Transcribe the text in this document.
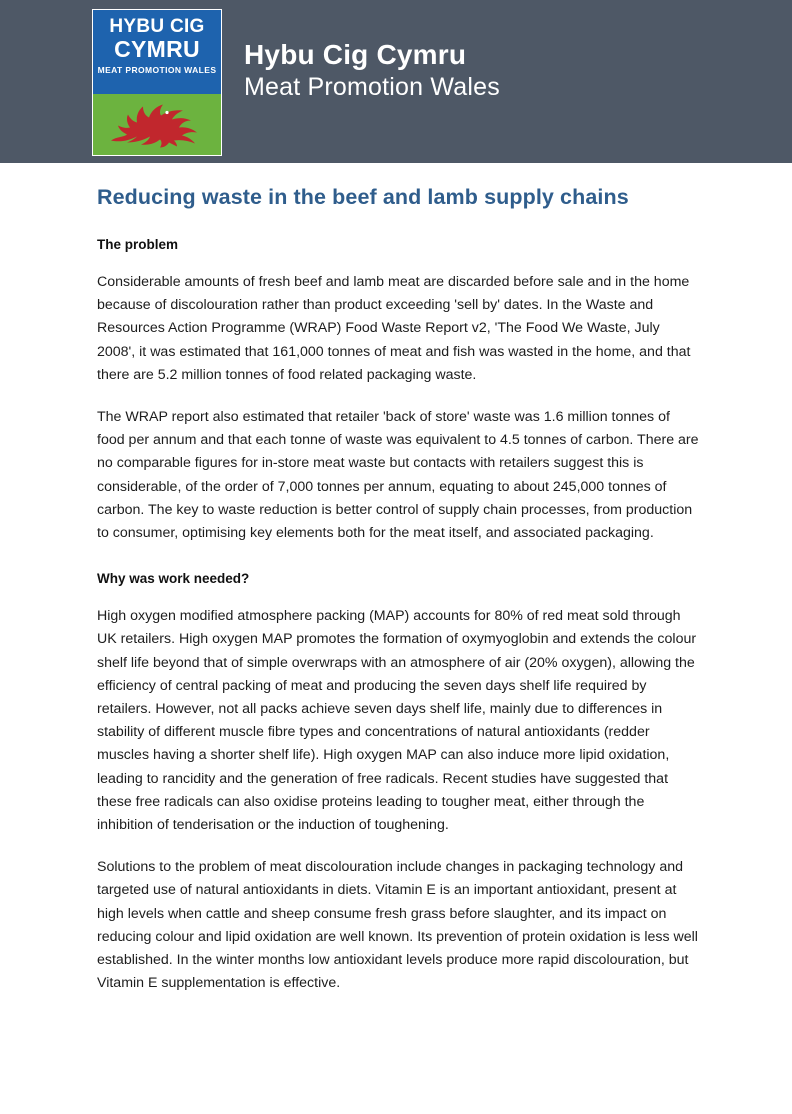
HYBU CIG
CYMRU
MEAT PROMOTION WALES Hybu Cig Cymru
Meat Promotion Wales
Reducing waste in the beef and lamb supply chains
The problem

Considerable amounts of fresh beef and lamb meat are discarded before sale and in the home because of discolouration rather than product exceeding 'sell by' dates. In the Waste and Resources Action Programme (WRAP) Food Waste Report v2, 'The Food We Waste, July 2008', it was estimated that 161,000 tonnes of meat and fish was wasted in the home, and that there are 5.2 million tonnes of food related packaging waste.

The WRAP report also estimated that retailer 'back of store' waste was 1.6 million tonnes of food per annum and that each tonne of waste was equivalent to 4.5 tonnes of carbon. There are no comparable figures for in-store meat waste but contacts with retailers suggest this is considerable, of the order of 7,000 tonnes per annum, equating to about 245,000 tonnes of carbon. The key to waste reduction is better control of supply chain processes, from production to consumer, optimising key elements both for the meat itself, and associated packaging.

Why was work needed?

High oxygen modified atmosphere packing (MAP) accounts for 80% of red meat sold through UK retailers. High oxygen MAP promotes the formation of oxymyoglobin and extends the colour shelf life beyond that of simple overwraps with an atmosphere of air (20% oxygen), allowing the efficiency of central packing of meat and producing the seven days shelf life required by retailers. However, not all packs achieve seven days shelf life, mainly due to differences in stability of different muscle fibre types and concentrations of natural antioxidants (redder muscles having a shorter shelf life). High oxygen MAP can also induce more lipid oxidation, leading to rancidity and the generation of free radicals. Recent studies have suggested that these free radicals can also oxidise proteins leading to tougher meat, either through the inhibition of tenderisation or the induction of toughening.

Solutions to the problem of meat discolouration include changes in packaging technology and targeted use of natural antioxidants in diets. Vitamin E is an important antioxidant, present at high levels when cattle and sheep consume fresh grass before slaughter, and its impact on reducing colour and lipid oxidation are well known. Its prevention of protein oxidation is less well established. In the winter months low antioxidant levels produce more rapid discolouration, but Vitamin E supplementation is effective.
